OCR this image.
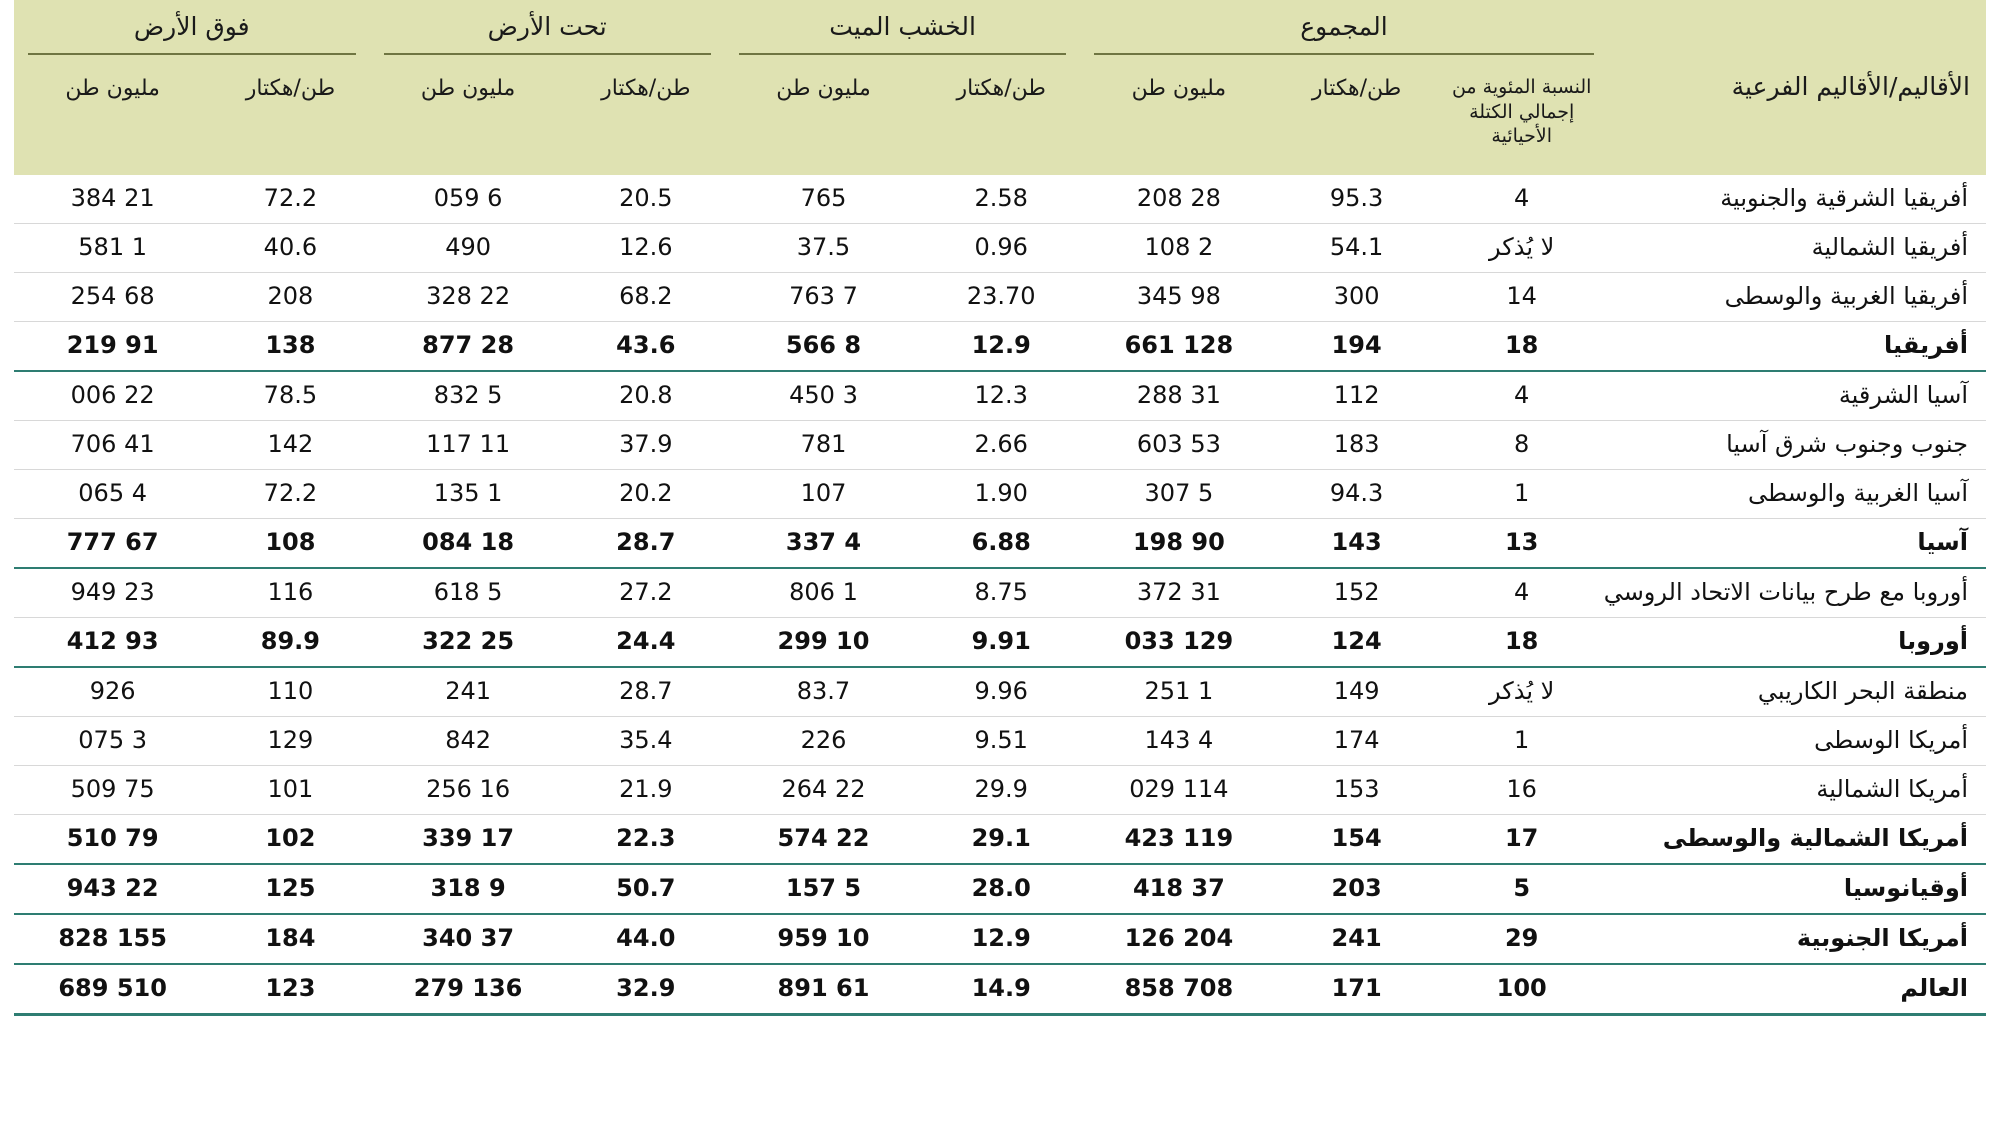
الأقاليم/الأقاليم الفرعية	المجموع			الخشب الميت		تحت الأرض		فوق الأرض	

	النسبة المئوية من إجمالي الكتلة الأحيائية	طن/هكتار	مليون طن	طن/هكتار	مليون طن	طن/هكتار	مليون طن	طن/هكتار	مليون طن
أفريقيا الشرقية والجنوبية	4	95.3	28 208	2.58	765	20.5	6 059	72.2	21 384
أفريقيا الشمالية	لا يُذكر	54.1	2 108	0.96	37.5	12.6	490	40.6	1 581
أفريقيا الغربية والوسطى	14	300	98 345	23.70	7 763	68.2	22 328	208	68 254
أفريقيا	18	194	128 661	12.9	8 566	43.6	28 877	138	91 219
آسيا الشرقية	4	112	31 288	12.3	3 450	20.8	5 832	78.5	22 006
جنوب وجنوب شرق آسيا	8	183	53 603	2.66	781	37.9	11 117	142	41 706
آسيا الغربية والوسطى	1	94.3	5 307	1.90	107	20.2	1 135	72.2	4 065
آسيا	13	143	90 198	6.88	4 337	28.7	18 084	108	67 777
أوروبا مع طرح بيانات الاتحاد الروسي	4	152	31 372	8.75	1 806	27.2	5 618	116	23 949
أوروبا	18	124	129 033	9.91	10 299	24.4	25 322	89.9	93 412
منطقة البحر الكاريبي	لا يُذكر	149	1 251	9.96	83.7	28.7	241	110	926
أمريكا الوسطى	1	174	4 143	9.51	226	35.4	842	129	3 075
أمريكا الشمالية	16	153	114 029	29.9	22 264	21.9	16 256	101	75 509
أمريكا الشمالية والوسطى	17	154	119 423	29.1	22 574	22.3	17 339	102	79 510
أوقيانوسيا	5	203	37 418	28.0	5 157	50.7	9 318	125	22 943
أمريكا الجنوبية	29	241	204 126	12.9	10 959	44.0	37 340	184	155 828
العالم	100	171	708 858	14.9	61 891	32.9	136 279	123	510 689
